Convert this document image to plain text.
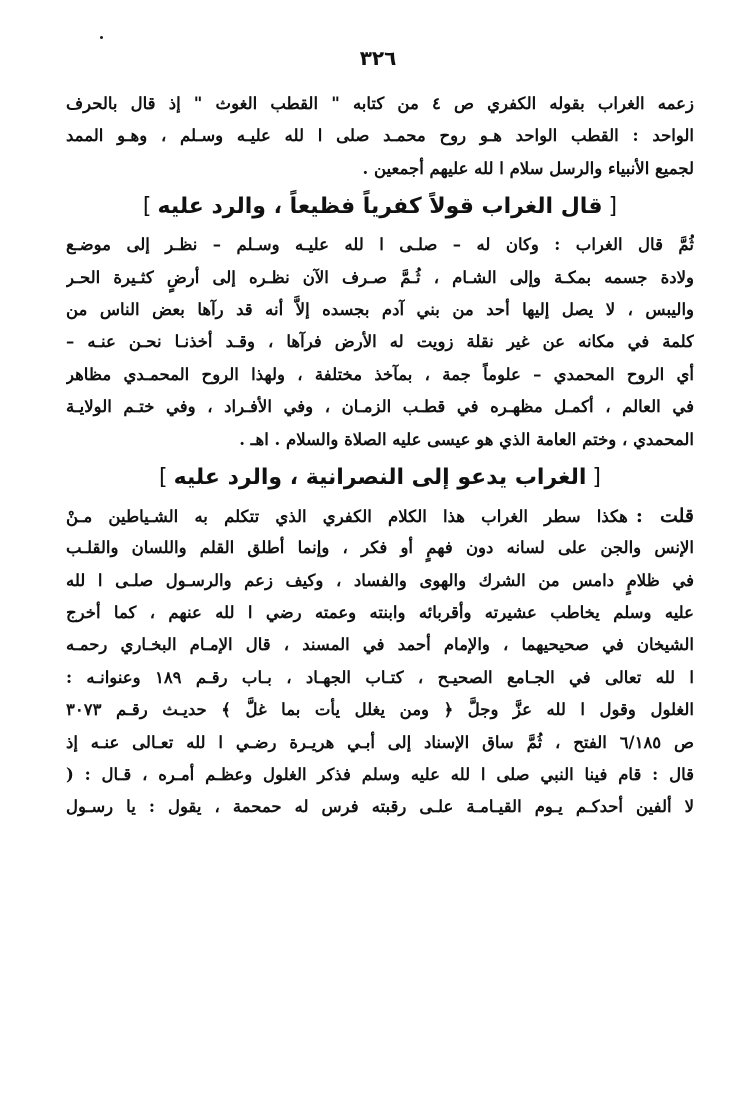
٣٢٦
زعمه الغراب بقوله الكفري ص ٤ من كتابه " القطب الغوث " إذ قال بالحرف
الواحد : القطب الواحد هـو روح محمـد صلى ا لله عليـه وسـلم ، وهـو الممد
لجميع الأنبياء والرسل سلام ا لله عليهم أجمعين .
[قال الغراب قولاً كفرياً فظيعاً ، والرد عليه]
ثُمَّ قال الغراب : وكان له – صلـى ا لله عليـه وسـلم – نظـر إلى موضـع
ولادة جسمه بمكـة وإلى الشـام ، ثُـمَّ صـرف الآن نظـره إلى أرضٍ كثـيرة الحـر
واليبس ، لا يصل إليها أحد من بني آدم بجسده إلاَّ أنه قد رآها بعض الناس من
كلمة في مكانه عن غير نقلة زويت له الأرض فرآها ، وقـد أخذنـا نحـن عنـه –
أي الروح المحمدي – علوماً جمة ، بمآخذ مختلفة ، ولهذا الروح المحمـدي مظاهر
في العالم ، أكمـل مظهـره في قطـب الزمـان ، وفي الأفـراد ، وفي ختـم الولايـة
المحمدي ، وختم العامة الذي هو عيسى عليه الصلاة والسلام . اهـ .
[الغراب يدعو إلى النصرانية ، والرد عليه]
قلت :هكذا سطر الغراب هذا الكلام الكفري الذي تتكلم به الشـياطين مـنْ
الإنس والجن على لسانه دون فهمٍ أو فكر ، وإنما أطلق القلم واللسان والقلـب
في ظلامٍ دامس من الشرك والهوى والفساد ، وكيف زعم والرسـول صلـى ا لله
عليه وسلم يخاطب عشيرته وأقربائه وابنته وعمته رضي ا لله عنهم ، كما أخرج
الشيخان في صحيحيهما ، والإمام أحمد في المسند ، قال الإمـام البخـاري رحمـه
ا لله تعالى في الجـامع الصحيـح ، كتـاب الجهـاد ، بـاب رقـم ١٨٩ وعنوانـه :
الغلول وقول ا لله عزَّ وجلَّ ﴿ ومن يغلل يأت بما غلَّ ﴾ حديـث رقـم ٣٠٧٣
ص ٦/١٨٥ الفتح ، ثُمَّ ساق الإسناد إلى أبـي هريـرة رضـي ا لله تعـالى عنـه إذ
قال : قام فينا النبي صلى ا لله عليه وسلم فذكر الغلول وعظـم أمـره ، قـال : (
لا ألفين أحدكـم يـوم القيـامـة علـى رقبته فرس له حمحمة ، يقول : يا رسـول
